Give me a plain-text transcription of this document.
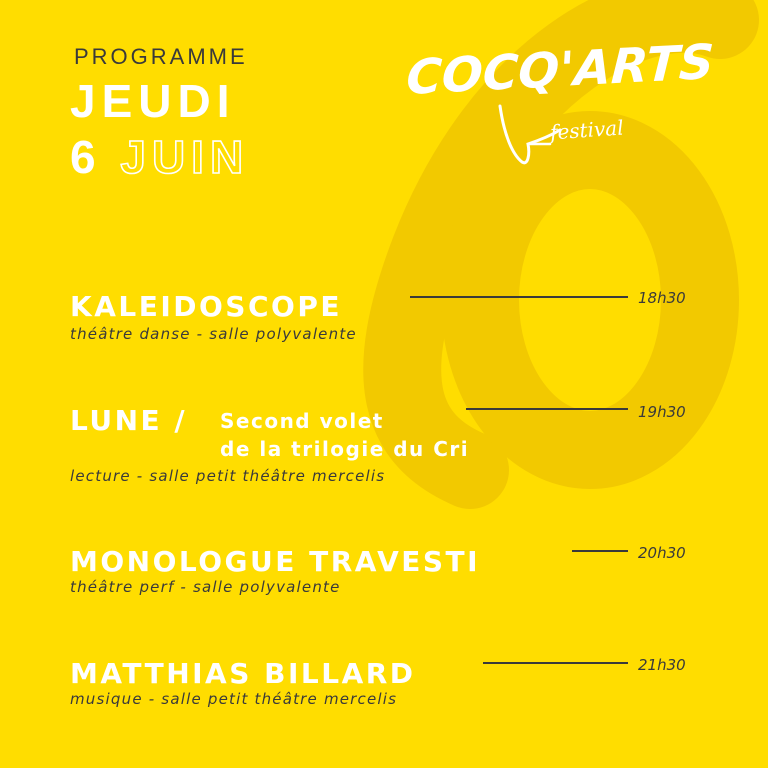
PROGRAMME
JEUDI
6 JUIN
COCQ'ARTS
festival
KALEIDOSCOPE	18h30
théâtre danse - salle polyvalente
LUNE / Second volet
de la trilogie du Cri
19h30
lecture - salle petit théâtre mercelis
MONOLOGUE TRAVESTI	20h30
théâtre perf - salle polyvalente
MATTHIAS BILLARD	21h30
musique - salle petit théâtre mercelis
